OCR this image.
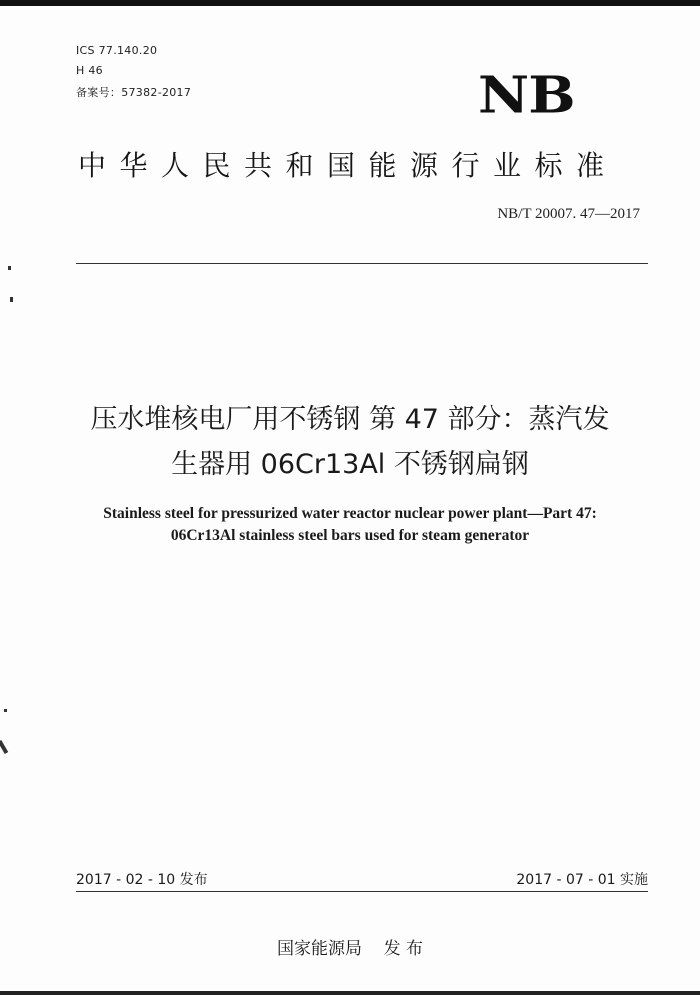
ICS 77.140.20
H 46
备案号：57382-2017	NB
中华人民共和国能源行业标准
NB/T 20007. 47—2017
压水堆核电厂用不锈钢 第 47 部分：蒸汽发
生器用 06Cr13Al 不锈钢扁钢
Stainless steel for pressurized water reactor nuclear power plant—Part 47:
06Cr13Al stainless steel bars used for steam generator
2017 - 02 - 10 发布	2017 - 07 - 01 实施
国家能源局    发 布
